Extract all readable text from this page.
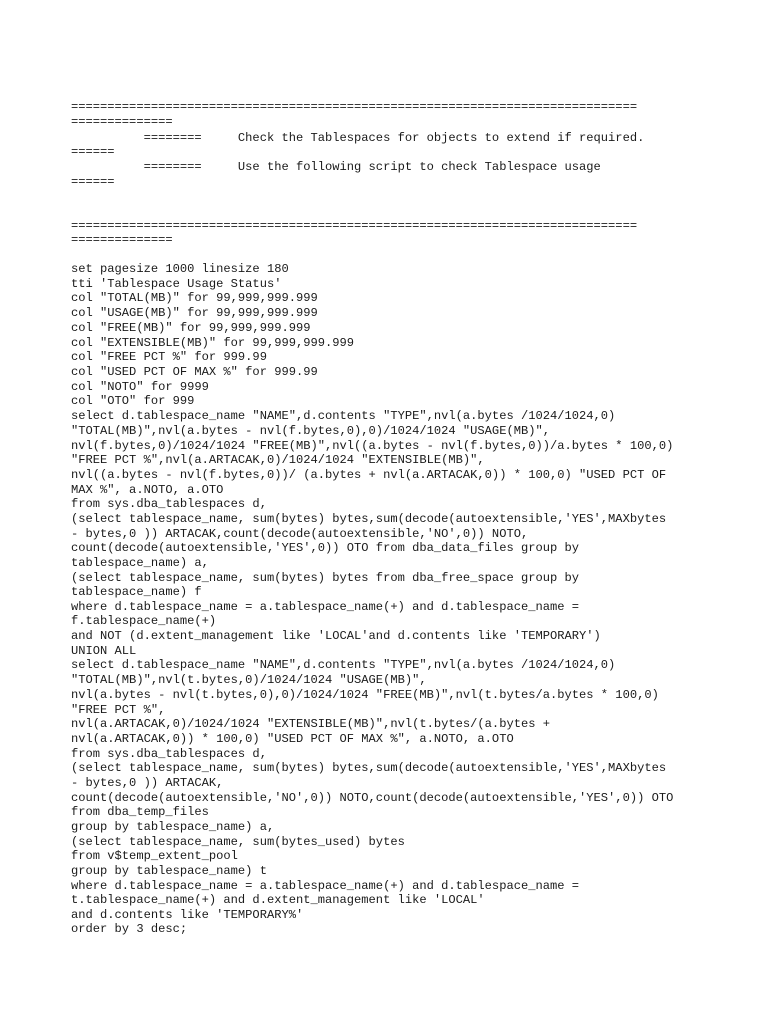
==============================================================================
==============
========     Check the Tablespaces for objects to extend if required.
======
========     Use the following script to check Tablespace usage
======
==============================================================================
==============
set pagesize 1000 linesize 180
tti 'Tablespace Usage Status'
col "TOTAL(MB)" for 99,999,999.999
col "USAGE(MB)" for 99,999,999.999
col "FREE(MB)" for 99,999,999.999
col "EXTENSIBLE(MB)" for 99,999,999.999
col "FREE PCT %" for 999.99
col "USED PCT OF MAX %" for 999.99
col "NOTO" for 9999
col "OTO" for 999
select d.tablespace_name "NAME",d.contents "TYPE",nvl(a.bytes /1024/1024,0)
"TOTAL(MB)",nvl(a.bytes - nvl(f.bytes,0),0)/1024/1024 "USAGE(MB)",
nvl(f.bytes,0)/1024/1024 "FREE(MB)",nvl((a.bytes - nvl(f.bytes,0))/a.bytes * 100,0)
"FREE PCT %",nvl(a.ARTACAK,0)/1024/1024 "EXTENSIBLE(MB)",
nvl((a.bytes - nvl(f.bytes,0))/ (a.bytes + nvl(a.ARTACAK,0)) * 100,0) "USED PCT OF
MAX %", a.NOTO, a.OTO
from sys.dba_tablespaces d,
(select tablespace_name, sum(bytes) bytes,sum(decode(autoextensible,'YES',MAXbytes
- bytes,0 )) ARTACAK,count(decode(autoextensible,'NO',0)) NOTO,
count(decode(autoextensible,'YES',0)) OTO from dba_data_files group by
tablespace_name) a,
(select tablespace_name, sum(bytes) bytes from dba_free_space group by
tablespace_name) f
where d.tablespace_name = a.tablespace_name(+) and d.tablespace_name =
f.tablespace_name(+)
and NOT (d.extent_management like 'LOCAL'and d.contents like 'TEMPORARY')
UNION ALL
select d.tablespace_name "NAME",d.contents "TYPE",nvl(a.bytes /1024/1024,0)
"TOTAL(MB)",nvl(t.bytes,0)/1024/1024 "USAGE(MB)",
nvl(a.bytes - nvl(t.bytes,0),0)/1024/1024 "FREE(MB)",nvl(t.bytes/a.bytes * 100,0)
"FREE PCT %",
nvl(a.ARTACAK,0)/1024/1024 "EXTENSIBLE(MB)",nvl(t.bytes/(a.bytes +
nvl(a.ARTACAK,0)) * 100,0) "USED PCT OF MAX %", a.NOTO, a.OTO
from sys.dba_tablespaces d,
(select tablespace_name, sum(bytes) bytes,sum(decode(autoextensible,'YES',MAXbytes
- bytes,0 )) ARTACAK,
count(decode(autoextensible,'NO',0)) NOTO,count(decode(autoextensible,'YES',0)) OTO
from dba_temp_files
group by tablespace_name) a,
(select tablespace_name, sum(bytes_used) bytes
from v$temp_extent_pool
group by tablespace_name) t
where d.tablespace_name = a.tablespace_name(+) and d.tablespace_name =
t.tablespace_name(+) and d.extent_management like 'LOCAL'
and d.contents like 'TEMPORARY%'
order by 3 desc;
